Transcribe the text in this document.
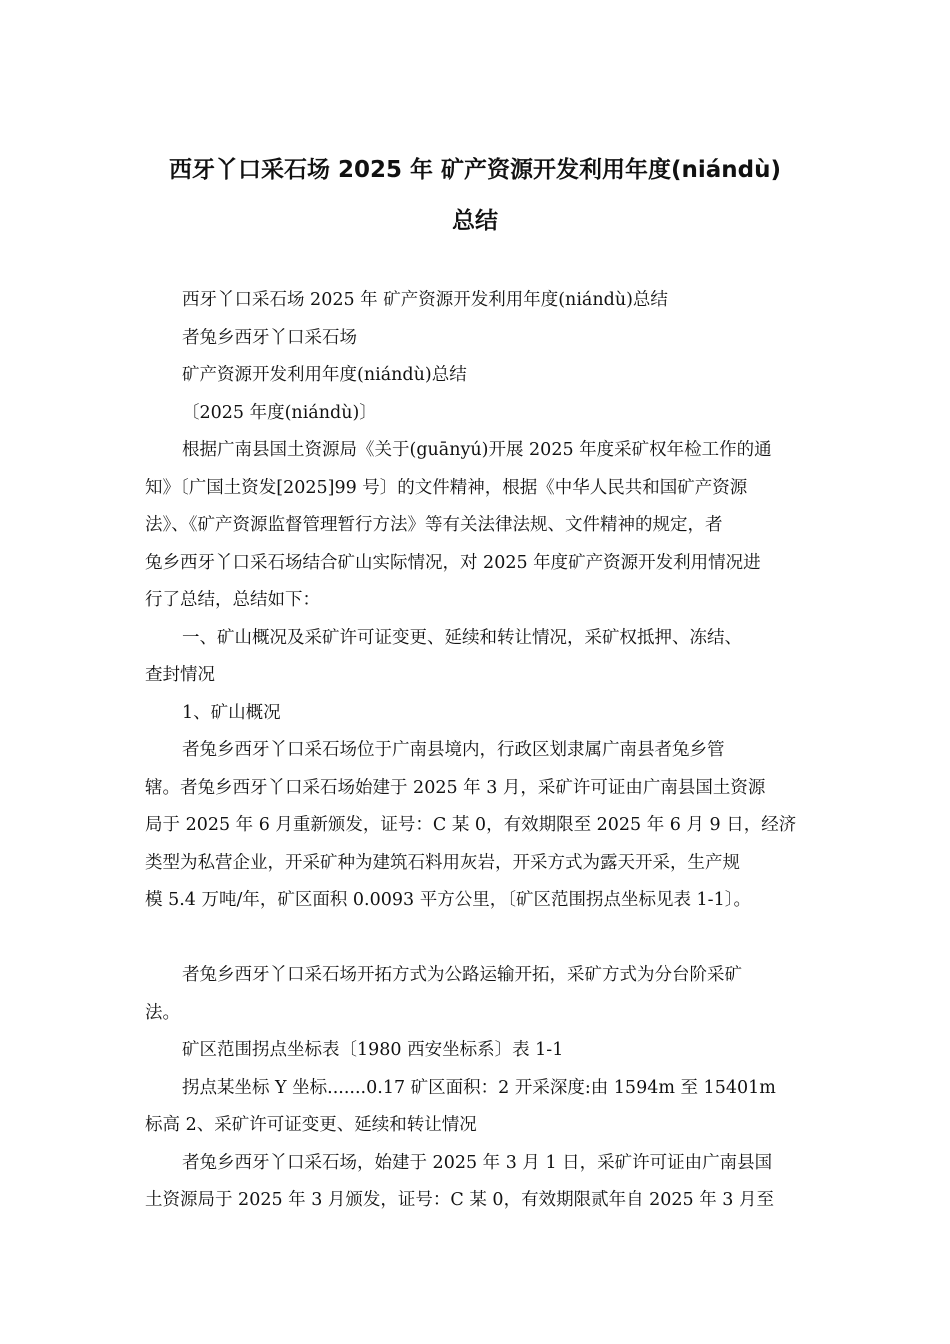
西牙丫口采石场 2025 年 矿产资源开发利用年度(niándù)
总结
西牙丫口采石场 2025 年 矿产资源开发利用年度(niándù)总结
者兔乡西牙丫口采石场
矿产资源开发利用年度(niándù)总结
〔2025 年度(niándù)〕
根据广南县国土资源局《关于(guānyú)开展 2025 年度采矿权年检工作的通
知》〔广国土资发[2025]99 号〕的文件精神，根据《中华人民共和国矿产资源
法》、《矿产资源监督管理暂行方法》等有关法律法规、文件精神的规定，者
兔乡西牙丫口采石场结合矿山实际情况，对 2025 年度矿产资源开发利用情况进
行了总结，总结如下：
一、矿山概况及采矿许可证变更、延续和转让情况，采矿权抵押、冻结、
查封情况
1、矿山概况
者兔乡西牙丫口采石场位于广南县境内，行政区划隶属广南县者兔乡管
辖。者兔乡西牙丫口采石场始建于 2025 年 3 月，采矿许可证由广南县国土资源
局于 2025 年 6 月重新颁发，证号：C 某 0，有效期限至 2025 年 6 月 9 日，经济
类型为私营企业，开采矿种为建筑石料用灰岩，开采方式为露天开采，生产规
模 5.4 万吨/年，矿区面积 0.0093 平方公里，〔矿区范围拐点坐标见表 1-1〕。
者兔乡西牙丫口采石场开拓方式为公路运输开拓，采矿方式为分台阶采矿
法。
矿区范围拐点坐标表〔1980 西安坐标系〕表 1-1
拐点某坐标 Y 坐标.......0.17 矿区面积：2 开采深度:由 1594m 至 15401m
标高 2、采矿许可证变更、延续和转让情况
者兔乡西牙丫口采石场，始建于 2025 年 3 月 1 日，采矿许可证由广南县国
土资源局于 2025 年 3 月颁发，证号：C 某 0，有效期限贰年自 2025 年 3 月至
